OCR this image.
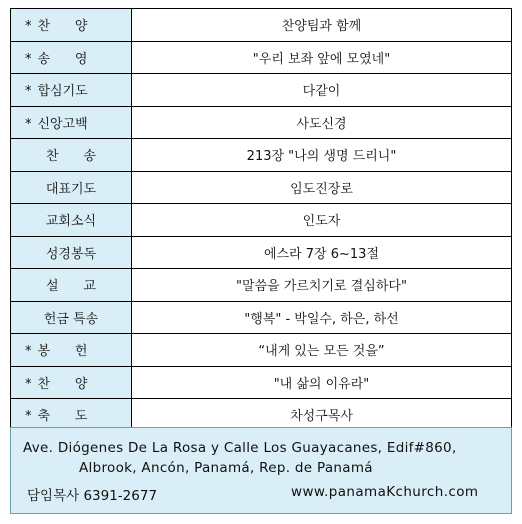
* 찬      양	찬양팀과 함께
* 송      영	"우리 보좌 앞에 모였네"
* 합심기도	다같이
* 신앙고백	사도신경
찬      송	213장 "나의 생명 드리니"
대표기도	임도진장로
교회소식	인도자
성경봉독	에스라 7장 6~13절
설      교	"말씀을 가르치기로 결심하다"
헌금 특송	"행복" - 박일수, 하은, 하선
* 봉      헌	“내게 있는 모든 것을”
* 찬      양	"내 삶의 이유라"
* 축      도	차성구목사
Ave. Diógenes De La Rosa y Calle Los Guayacanes, Edif#860,
Albrook, Ancón, Panamá, Rep. de Panamá
담임목사 6391-2677	www.panamaKchurch.com
